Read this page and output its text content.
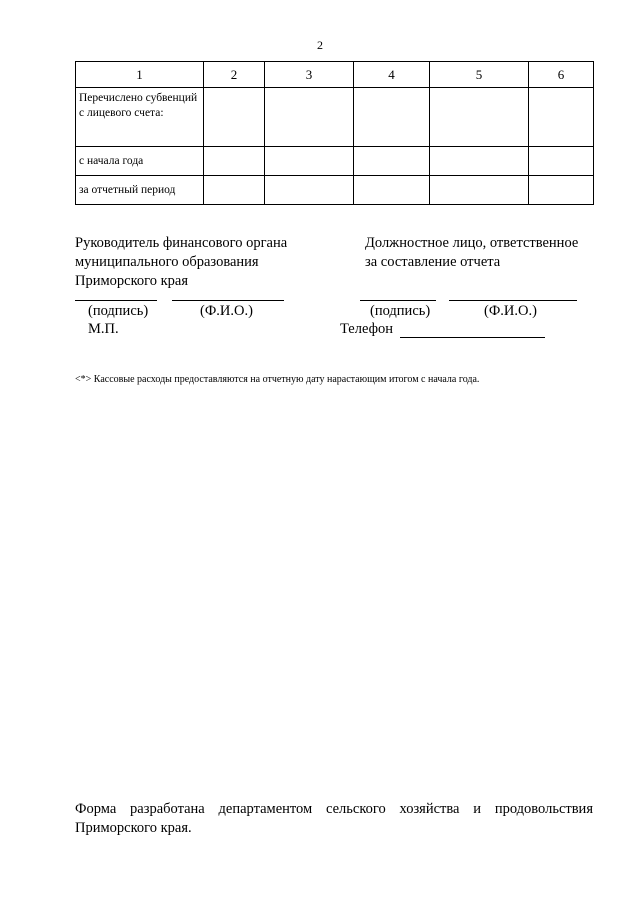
2
1	2	3	4	5	6
Перечислено субвенций с лицевого счета:					
с начала года					
за отчетный период					
Руководитель финансового органа
муниципального образования
Приморского края
Должностное лицо, ответственное
за составление отчета
(подпись)	(Ф.И.О.)	(подпись)	(Ф.И.О.)
М.П.	Телефон
<*> Кассовые расходы предоставляются на отчетную дату нарастающим итогом с начала года.
Форма разработана департаментом сельского хозяйства и продовольствия
Приморского края.
